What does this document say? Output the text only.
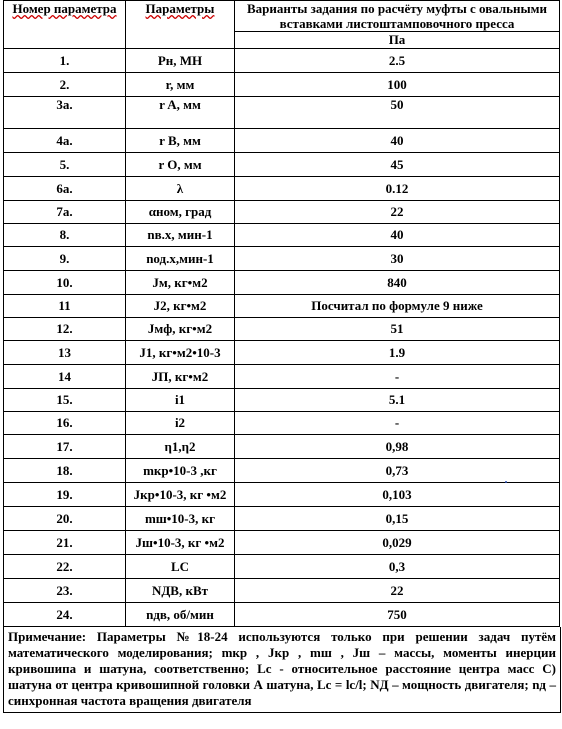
Номер параметра	Параметры	Варианты задания по расчёту муфты с овальными вставками листоштамповочного пресса
		Па
1.	Pн, МН	2.5
2.	r, мм	100
3а.	r A, мм	50
4а.	r B, мм	40
5.	r O, мм	45
6а.	λ	0.12
7а.	αном, град	22
8.	nв.х, мин-1	40
9.	nод.х,мин-1	30
10.	Jм, кг•м2	840
11	J2, кг•м2	Посчитал по формуле 9 ниже
12.	Jмф, кг•м2	51
13	J1, кг•м2•10-3	1.9
14	JП, кг•м2	-
15.	i1	5.1
16.	i2	-
17.	η1,η2	0,98
18.	mкр•10-3 ,кг	0,73
19.	Jкр•10-3, кг •м2	0,103
20.	mш•10-3, кг	0,15
21.	Jш•10-3, кг •м2	0,029
22.	LC	0,3
23.	NДВ, кВт	22
24.	nдв, об/мин	750
Примечание: Параметры №18-24 используются только при решении задач путём математического моделирования; mкр , Jкр , mш , Jш – массы, моменты инерции кривошипа и шатуна, соответственно; Lc - относительное расстояние центра масс C) шатуна от центра кривошипной головки А шатуна, Lc = lc/l; NД – мощность двигателя; nд – синхронная частота вращения двигателя
